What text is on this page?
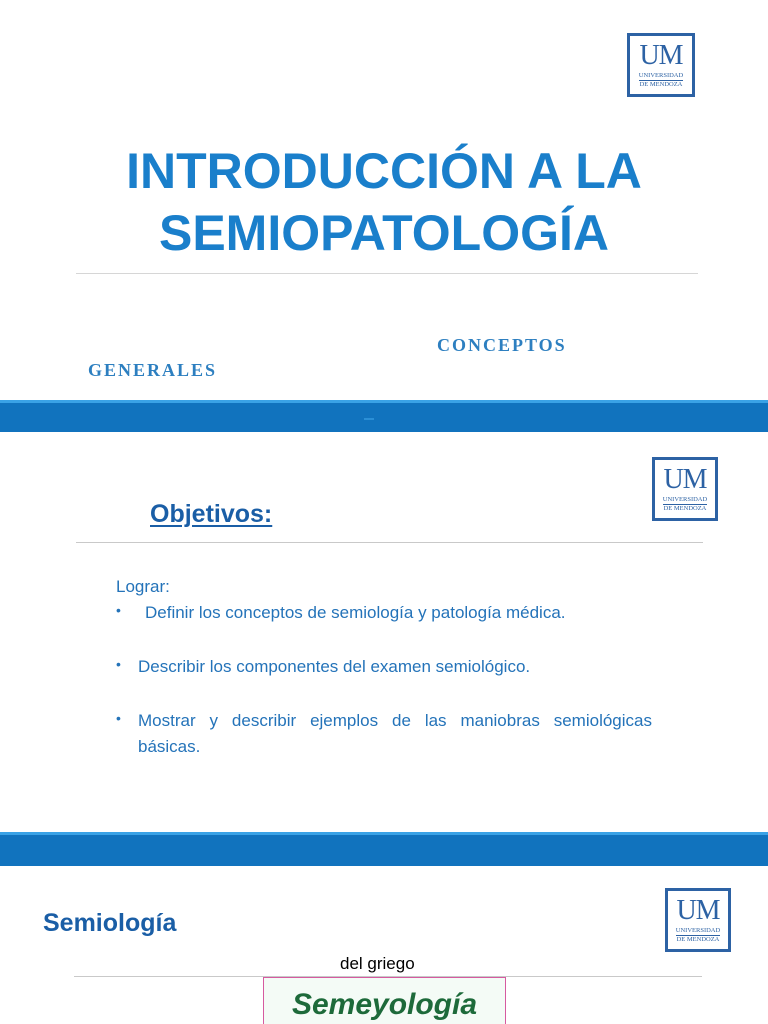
UM
UNIVERSIDAD
DE MENDOZA
INTRODUCCIÓN A LA
SEMIOPATOLOGÍA
CONCEPTOS
GENERALES
UM
UNIVERSIDAD
DE MENDOZA
Objetivos:
Lograr:
• Definir los conceptos de semiología y patología médica.
• Describir los componentes del examen semiológico.
• Mostrar y describir ejemplos de las maniobras semiológicas básicas.
Semiología	UM
UNIVERSIDAD
DE MENDOZA
del griego
Semeyología
